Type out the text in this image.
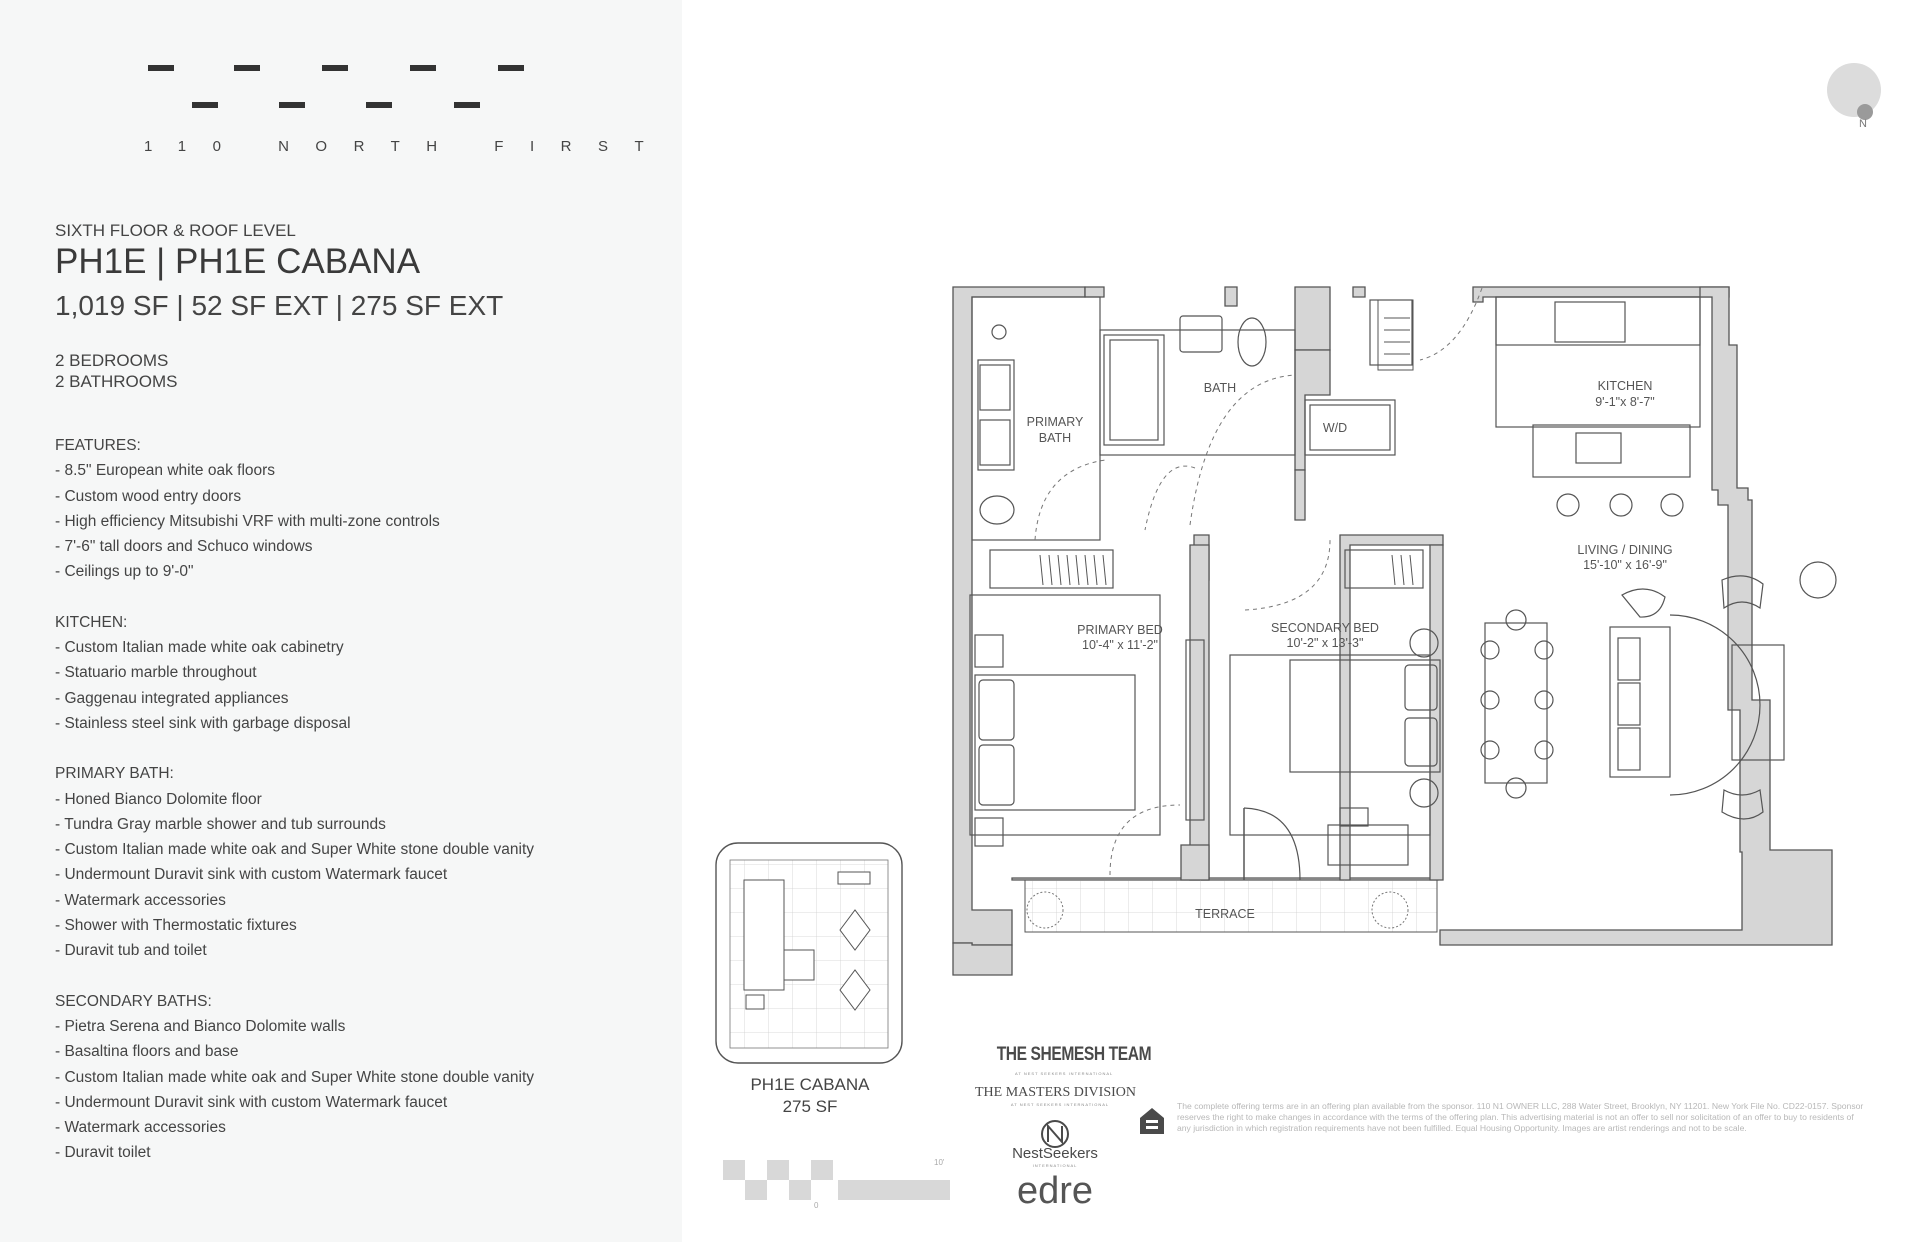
110 NORTH FIRST
SIXTH FLOOR & ROOF LEVEL
PH1E | PH1E CABANA
1,019 SF | 52 SF EXT | 275 SF EXT
2 BEDROOMS
2 BATHROOMS
FEATURES:
- 8.5" European white oak floors
- Custom wood entry doors
- High efficiency Mitsubishi VRF with multi-zone controls
- 7'-6" tall doors and Schuco windows
- Ceilings up to 9'-0"
KITCHEN:
- Custom Italian made white oak cabinetry
- Statuario marble throughout
- Gaggenau integrated appliances
- Stainless steel sink with garbage disposal
PRIMARY BATH:
- Honed Bianco Dolomite floor
- Tundra Gray marble shower and tub surrounds
- Custom Italian made white oak and Super White stone double vanity
- Undermount Duravit sink with custom Watermark faucet
- Watermark accessories
- Shower with Thermostatic fixtures
- Duravit tub and toilet
SECONDARY BATHS:
- Pietra Serena and Bianco Dolomite walls
- Basaltina floors and base
- Custom Italian made white oak and Super White stone double vanity
- Undermount Duravit sink with custom Watermark faucet
- Watermark accessories
- Duravit toilet
PRIMARY
BATH
BATH
W/D
KITCHEN
9'-1"x 8'-7"
LIVING / DINING
15'-10" x 16'-9"
PRIMARY BED
10'-4" x 11'-2"
SECONDARY BED
10'-2" x 13'-3"
TERRACE
N
0
10'
PH1E CABANA
275 SF
THE SHEMESH TEAM
AT NEST SEEKERS INTERNATIONAL
THE MASTERS DIVISION
AT NEST SEEKERS INTERNATIONAL
NestSeekers
INTERNATIONAL
edre
The complete offering terms are in an offering plan available from the sponsor. 110 N1 OWNER LLC, 288 Water Street, Brooklyn, NY 11201. New York File No. CD22-0157. Sponsor reserves the right to make changes in accordance with the terms of the offering plan. This advertising material is not an offer to sell nor solicitation of an offer to buy to residents of any jurisdiction in which registration requirements have not been fulfilled. Equal Housing Opportunity. Images are artist renderings and not to be scale.
